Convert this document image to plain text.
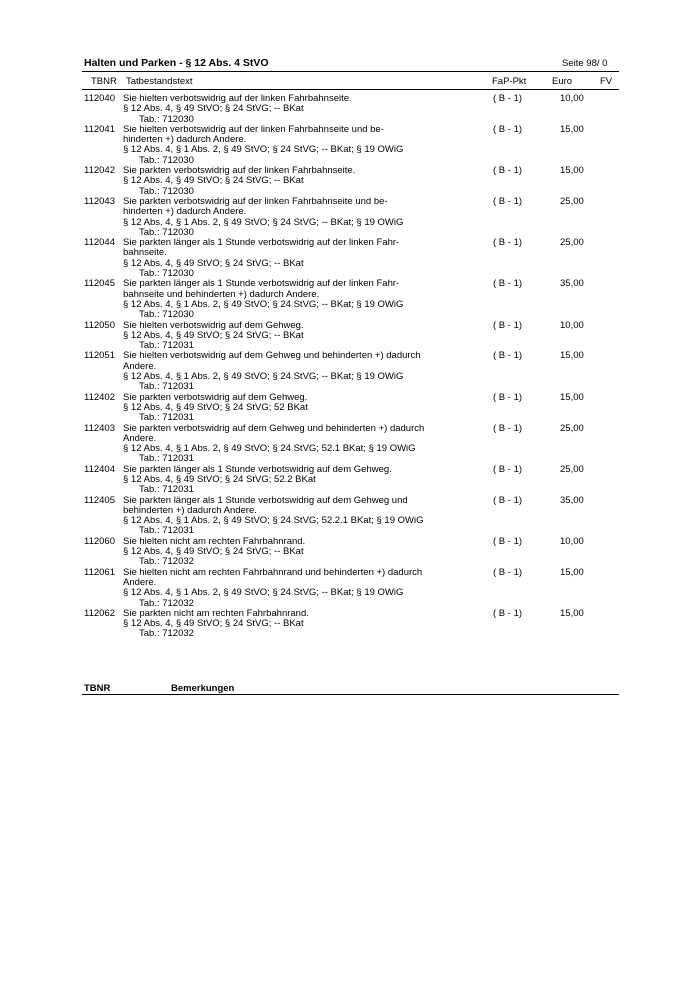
Halten und Parken - § 12 Abs. 4 StVO	Seite 98/ 0
TBNR Tatbestandstext	FaP-Pkt	Euro	FV
112040 Sie hielten verbotswidrig auf der linken Fahrbahnseite.
§ 12 Abs. 4, § 49 StVO; § 24 StVG; -- BKat
Tab.: 712030
( B - 1)	10,00
112041 Sie hielten verbotswidrig auf der linken Fahrbahnseite und be-
hinderten +) dadurch Andere.
§ 12 Abs. 4, § 1 Abs. 2, § 49 StVO; § 24 StVG; -- BKat; § 19 OWiG
Tab.: 712030
( B - 1)	15,00
112042 Sie parkten verbotswidrig auf der linken Fahrbahnseite.
§ 12 Abs. 4, § 49 StVO; § 24 StVG; -- BKat
Tab.: 712030
( B - 1)	15,00
112043 Sie parkten verbotswidrig auf der linken Fahrbahnseite und be-
hinderten +) dadurch Andere.
§ 12 Abs. 4, § 1 Abs. 2, § 49 StVO; § 24 StVG; -- BKat; § 19 OWiG
Tab.: 712030
( B - 1)	25,00
112044 Sie parkten länger als 1 Stunde verbotswidrig auf der linken Fahr-
bahnseite.
§ 12 Abs. 4, § 49 StVO; § 24 StVG; -- BKat
Tab.: 712030
( B - 1)	25,00
112045 Sie parkten länger als 1 Stunde verbotswidrig auf der linken Fahr-
bahnseite und behinderten +) dadurch Andere.
§ 12 Abs. 4, § 1 Abs. 2, § 49 StVO; § 24 StVG; -- BKat; § 19 OWiG
Tab.: 712030
( B - 1)	35,00
112050 Sie hielten verbotswidrig auf dem Gehweg.
§ 12 Abs. 4, § 49 StVO; § 24 StVG; -- BKat
Tab.: 712031
( B - 1)	10,00
112051 Sie hielten verbotswidrig auf dem Gehweg und behinderten +) dadurch
Andere.
§ 12 Abs. 4, § 1 Abs. 2, § 49 StVO; § 24 StVG; -- BKat; § 19 OWiG
Tab.: 712031
( B - 1)	15,00
112402 Sie parkten verbotswidrig auf dem Gehweg.
§ 12 Abs. 4, § 49 StVO; § 24 StVG; 52 BKat
Tab.: 712031
( B - 1)	15,00
112403 Sie parkten verbotswidrig auf dem Gehweg und behinderten +) dadurch
Andere.
§ 12 Abs. 4, § 1 Abs. 2, § 49 StVO; § 24 StVG; 52.1 BKat; § 19 OWiG
Tab.: 712031
( B - 1)	25,00
112404 Sie parkten länger als 1 Stunde verbotswidrig auf dem Gehweg.
§ 12 Abs. 4, § 49 StVO; § 24 StVG; 52.2 BKat
Tab.: 712031
( B - 1)	25,00
112405 Sie parkten länger als 1 Stunde verbotswidrig auf dem Gehweg und
behinderten +) dadurch Andere.
§ 12 Abs. 4, § 1 Abs. 2, § 49 StVO; § 24 StVG; 52.2.1 BKat; § 19 OWiG
Tab.: 712031
( B - 1)	35,00
112060 Sie hielten nicht am rechten Fahrbahnrand.
§ 12 Abs. 4, § 49 StVO; § 24 StVG; -- BKat
Tab.: 712032
( B - 1)	10,00
112061 Sie hielten nicht am rechten Fahrbahnrand und behinderten +) dadurch
Andere.
§ 12 Abs. 4, § 1 Abs. 2, § 49 StVO; § 24 StVG; -- BKat; § 19 OWiG
Tab.: 712032
( B - 1)	15,00
112062 Sie parkten nicht am rechten Fahrbahnrand.
§ 12 Abs. 4, § 49 StVO; § 24 StVG; -- BKat
Tab.: 712032
( B - 1)	15,00
TBNR	Bemerkungen
